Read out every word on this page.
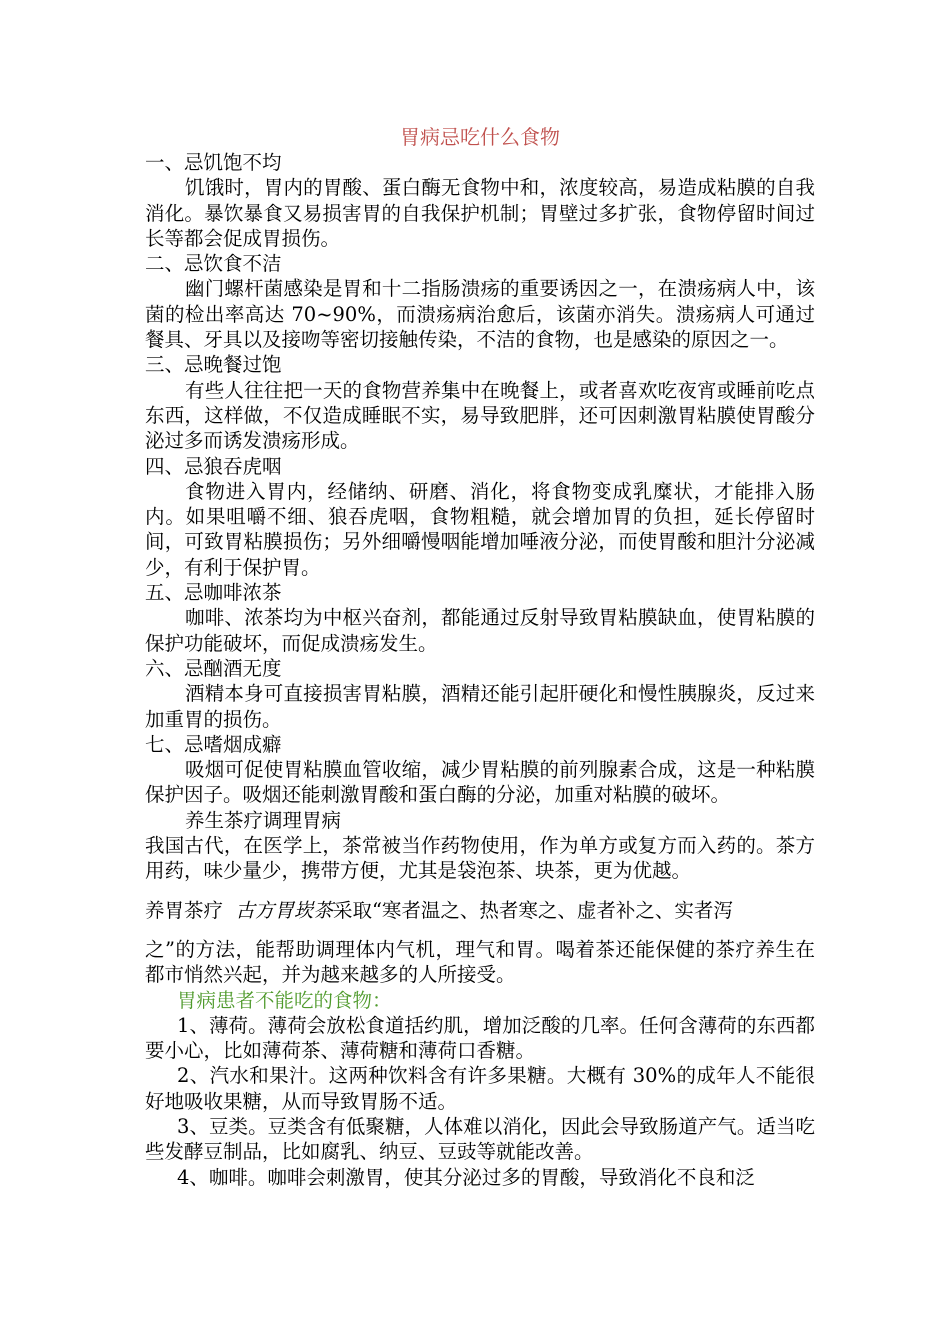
胃病忌吃什么食物
一、忌饥饱不均

饥饿时，胃内的胃酸、蛋白酶无食物中和，浓度较高，易造成粘膜的自我消化。暴饮暴食又易损害胃的自我保护机制；胃壁过多扩张，食物停留时间过长等都会促成胃损伤。

二、忌饮食不洁

幽门螺杆菌感染是胃和十二指肠溃疡的重要诱因之一，在溃疡病人中，该菌的检出率高达 70~90%，而溃疡病治愈后，该菌亦消失。溃疡病人可通过餐具、牙具以及接吻等密切接触传染，不洁的食物，也是感染的原因之一。

三、忌晚餐过饱

有些人往往把一天的食物营养集中在晚餐上，或者喜欢吃夜宵或睡前吃点东西，这样做，不仅造成睡眠不实，易导致肥胖，还可因刺激胃粘膜使胃酸分泌过多而诱发溃疡形成。

四、忌狼吞虎咽

食物进入胃内，经储纳、研磨、消化，将食物变成乳糜状，才能排入肠内。如果咀嚼不细、狼吞虎咽，食物粗糙，就会增加胃的负担，延长停留时间，可致胃粘膜损伤；另外细嚼慢咽能增加唾液分泌，而使胃酸和胆汁分泌减少，有利于保护胃。

五、忌咖啡浓茶

咖啡、浓茶均为中枢兴奋剂，都能通过反射导致胃粘膜缺血，使胃粘膜的保护功能破坏，而促成溃疡发生。

六、忌酗酒无度

酒精本身可直接损害胃粘膜，酒精还能引起肝硬化和慢性胰腺炎，反过来加重胃的损伤。

七、忌嗜烟成癖

吸烟可促使胃粘膜血管收缩，减少胃粘膜的前列腺素合成，这是一种粘膜保护因子。吸烟还能刺激胃酸和蛋白酶的分泌，加重对粘膜的破坏。

养生茶疗调理胃病

我国古代，在医学上，茶常被当作药物使用，作为单方或复方而入药的。茶方用药，味少量少，携带方便，尤其是袋泡茶、块茶，更为优越。

养胃茶疗 古方胃崁茶采取“寒者温之、热者寒之、虚者补之、实者泻

之”的方法，能帮助调理体内气机，理气和胃。喝着茶还能保健的茶疗养生在都市悄然兴起，并为越来越多的人所接受。

胃病患者不能吃的食物：

1、薄荷。薄荷会放松食道括约肌，增加泛酸的几率。任何含薄荷的东西都要小心，比如薄荷茶、薄荷糖和薄荷口香糖。

2、汽水和果汁。这两种饮料含有许多果糖。大概有 30%的成年人不能很好地吸收果糖，从而导致胃肠不适。

3、豆类。豆类含有低聚糖，人体难以消化，因此会导致肠道产气。适当吃些发酵豆制品，比如腐乳、纳豆、豆豉等就能改善。

4、咖啡。咖啡会刺激胃，使其分泌过多的胃酸，导致消化不良和泛
